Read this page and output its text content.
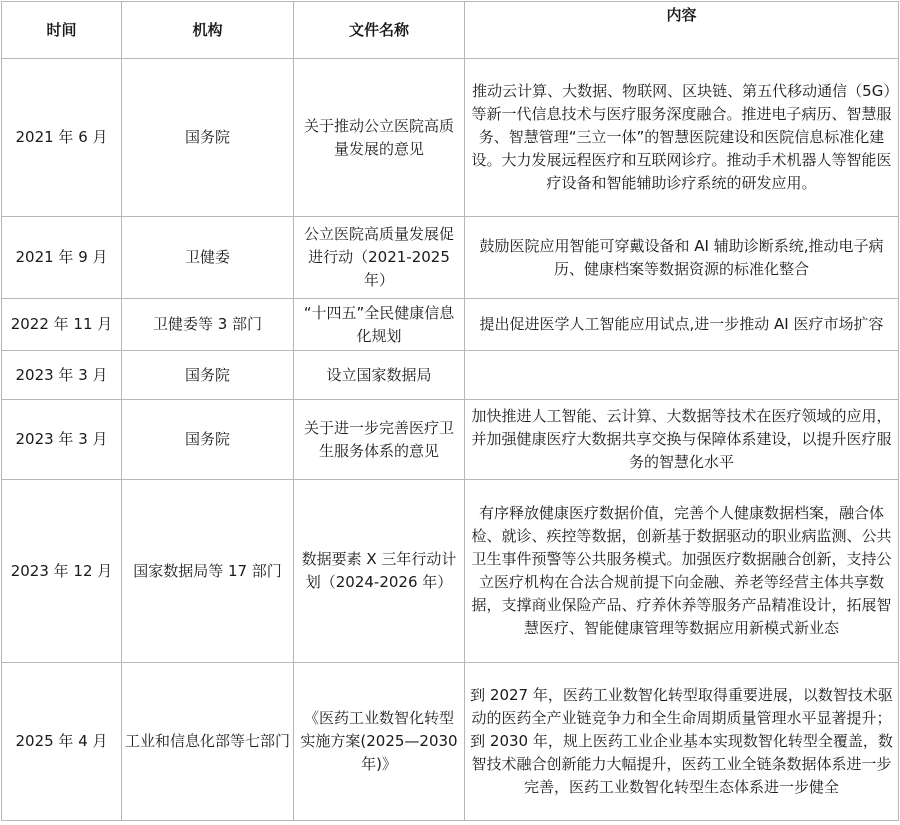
时间	机构	文件名称	内容
2021 年 6 月	国务院	关于推动公立医院高质量发展的意见	推动云计算、大数据、物联网、区块链、第五代移动通信（5G）等新一代信息技术与医疗服务深度融合。推进电子病历、智慧服务、智慧管理“三立一体”的智慧医院建设和医院信息标准化建设。大力发展远程医疗和互联网诊疗。推动手术机器人等智能医疗设备和智能辅助诊疗系统的研发应用。
2021 年 9 月	卫健委	公立医院高质量发展促进行动（2021-2025 年）	鼓励医院应用智能可穿戴设备和 AI 辅助诊断系统,推动电子病历、健康档案等数据资源的标准化整合
2022 年 11 月	卫健委等 3 部门	“十四五”全民健康信息化规划	提出促进医学人工智能应用试点,进一步推动 AI 医疗市场扩容
2023 年 3 月	国务院	设立国家数据局	
2023 年 3 月	国务院	关于进一步完善医疗卫生服务体系的意见	加快推进人工智能、云计算、大数据等技术在医疗领域的应用，并加强健康医疗大数据共享交换与保障体系建设，以提升医疗服务的智慧化水平
2023 年 12 月	国家数据局等 17 部门	数据要素 X 三年行动计划（2024-2026 年）	有序释放健康医疗数据价值，完善个人健康数据档案，融合体检、就诊、疾控等数据，创新基于数据驱动的职业病监测、公共卫生事件预警等公共服务模式。加强医疗数据融合创新，支持公立医疗机构在合法合规前提下向金融、养老等经营主体共享数据，支撑商业保险产品、疗养休养等服务产品精准设计，拓展智慧医疗、智能健康管理等数据应用新模式新业态
2025 年 4 月	工业和信息化部等七部门	《医药工业数智化转型实施方案(2025—2030 年)》	到 2027 年，医药工业数智化转型取得重要进展，以数智技术驱动的医药全产业链竞争力和全生命周期质量管理水平显著提升；到 2030 年，规上医药工业企业基本实现数智化转型全覆盖，数智技术融合创新能力大幅提升，医药工业全链条数据体系进一步完善，医药工业数智化转型生态体系进一步健全
